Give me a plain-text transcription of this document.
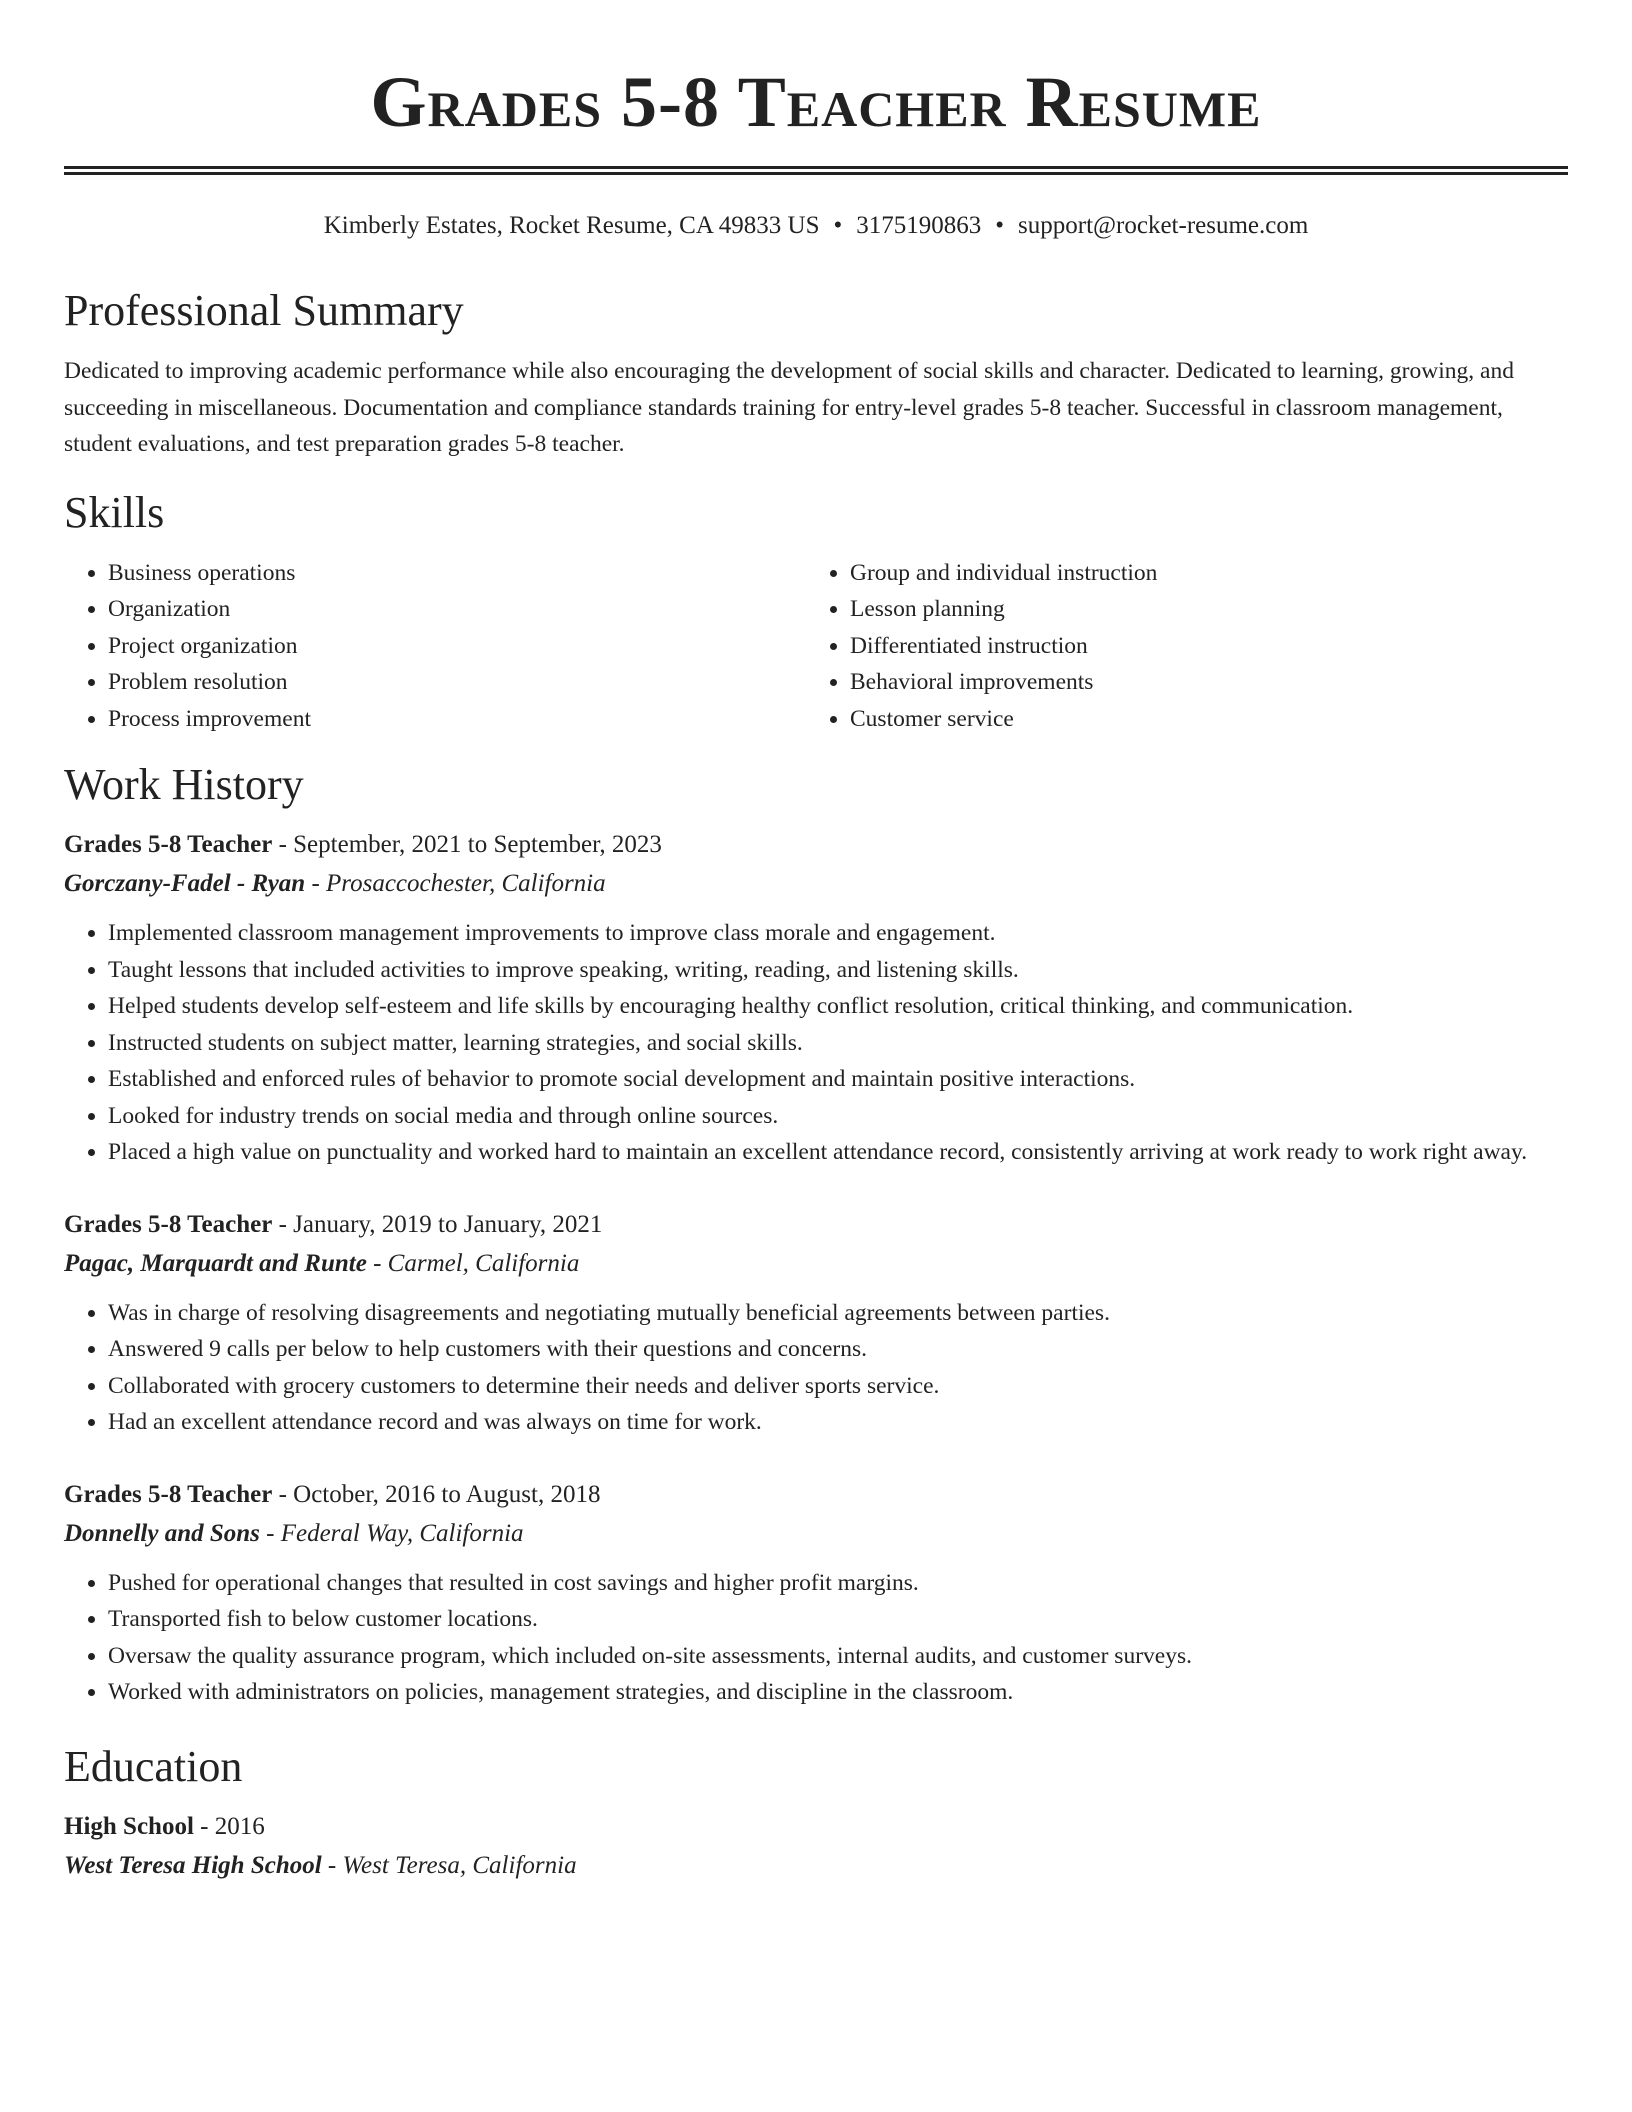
Grades 5-8 Teacher Resume
Kimberly Estates, Rocket Resume, CA 49833 US • 3175190863 • support@rocket-resume.com
Professional Summary
Dedicated to improving academic performance while also encouraging the development of social skills and character. Dedicated to learning, growing, and succeeding in miscellaneous. Documentation and compliance standards training for entry-level grades 5-8 teacher. Successful in classroom management, student evaluations, and test preparation grades 5-8 teacher.
Skills
• Business operations
• Organization
• Project organization
• Problem resolution
• Process improvement
• Group and individual instruction
• Lesson planning
• Differentiated instruction
• Behavioral improvements
• Customer service
Work History
Grades 5-8 Teacher - September, 2021 to September, 2023
Gorczany-Fadel - Ryan - Prosaccochester, California
• Implemented classroom management improvements to improve class morale and engagement.
• Taught lessons that included activities to improve speaking, writing, reading, and listening skills.
• Helped students develop self-esteem and life skills by encouraging healthy conflict resolution, critical thinking, and communication.
• Instructed students on subject matter, learning strategies, and social skills.
• Established and enforced rules of behavior to promote social development and maintain positive interactions.
• Looked for industry trends on social media and through online sources.
• Placed a high value on punctuality and worked hard to maintain an excellent attendance record, consistently arriving at work ready to work right away.
Grades 5-8 Teacher - January, 2019 to January, 2021
Pagac, Marquardt and Runte - Carmel, California
• Was in charge of resolving disagreements and negotiating mutually beneficial agreements between parties.
• Answered 9 calls per below to help customers with their questions and concerns.
• Collaborated with grocery customers to determine their needs and deliver sports service.
• Had an excellent attendance record and was always on time for work.
Grades 5-8 Teacher - October, 2016 to August, 2018
Donnelly and Sons - Federal Way, California
• Pushed for operational changes that resulted in cost savings and higher profit margins.
• Transported fish to below customer locations.
• Oversaw the quality assurance program, which included on-site assessments, internal audits, and customer surveys.
• Worked with administrators on policies, management strategies, and discipline in the classroom.
Education
High School - 2016
West Teresa High School - West Teresa, California
